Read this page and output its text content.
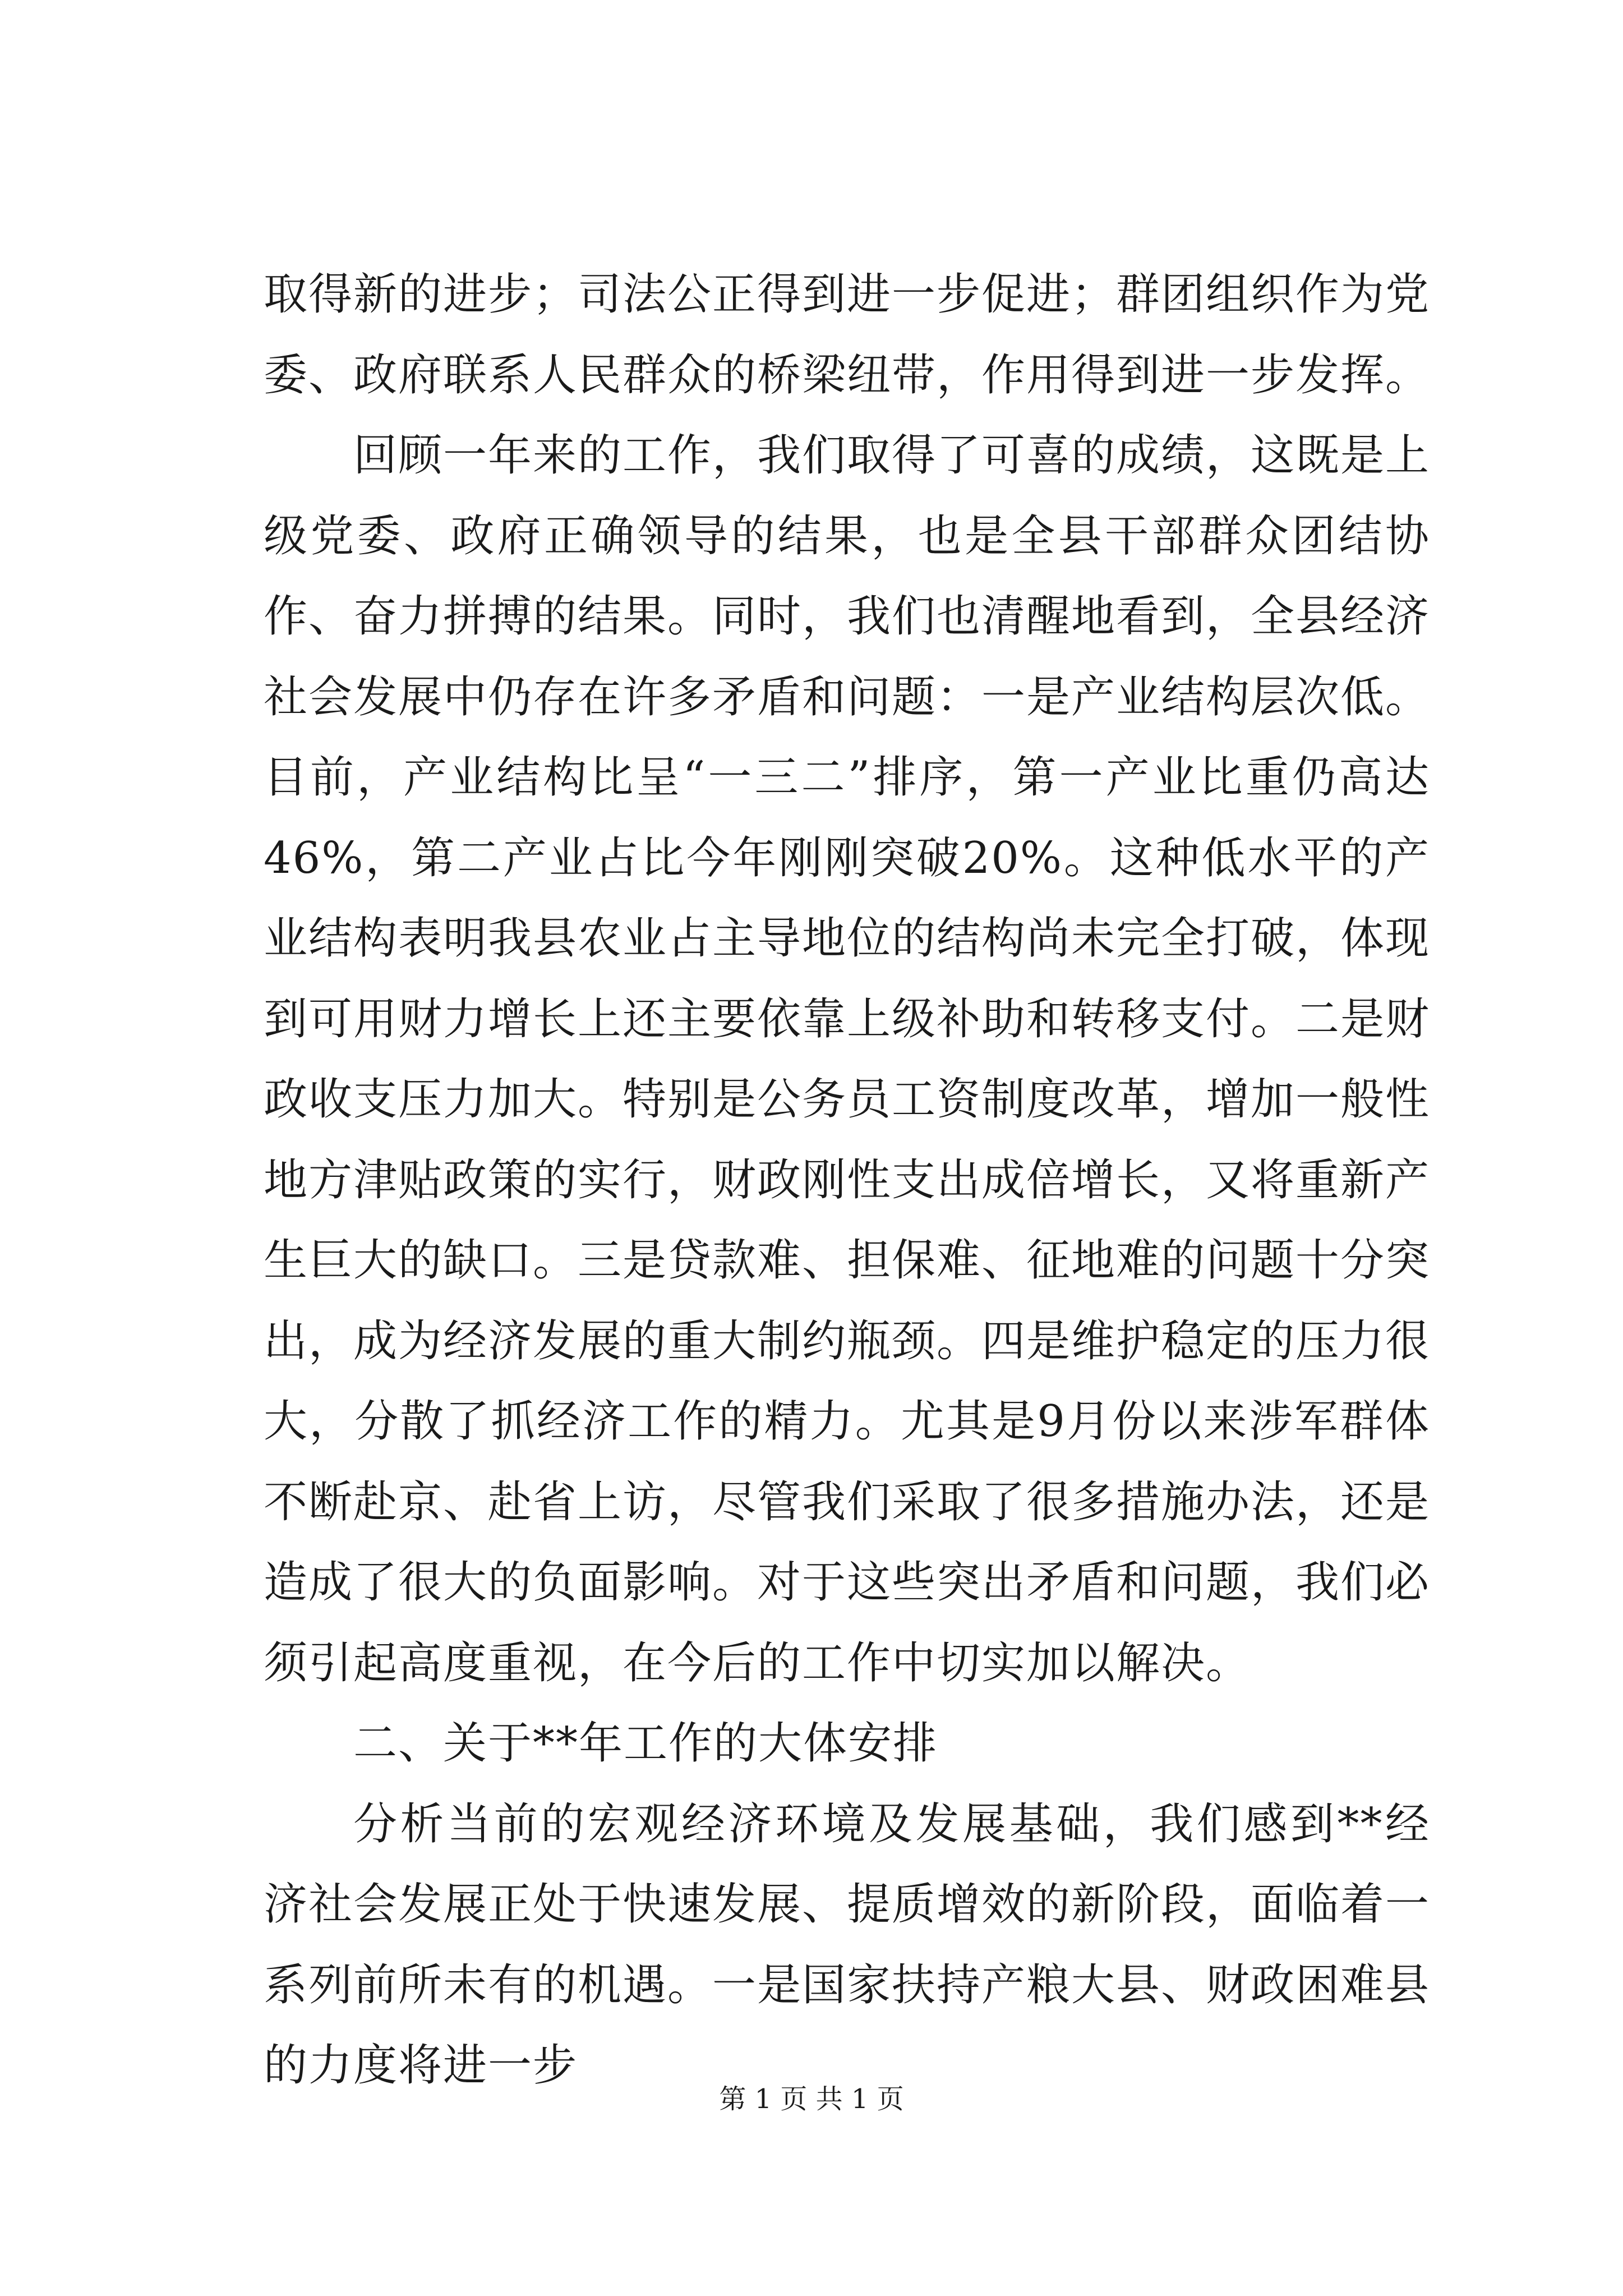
取得新的进步；司法公正得到进一步促进；群团组织作为党委、政府联系人民群众的桥梁纽带，作用得到进一步发挥。

回顾一年来的工作，我们取得了可喜的成绩，这既是上级党委、政府正确领导的结果，也是全县干部群众团结协作、奋力拼搏的结果。同时，我们也清醒地看到，全县经济社会发展中仍存在许多矛盾和问题：一是产业结构层次低。目前，产业结构比呈“一三二”排序，第一产业比重仍高达46%，第二产业占比今年刚刚突破20%。这种低水平的产业结构表明我县农业占主导地位的结构尚未完全打破，体现到可用财力增长上还主要依靠上级补助和转移支付。二是财政收支压力加大。特别是公务员工资制度改革，增加一般性地方津贴政策的实行，财政刚性支出成倍增长，又将重新产生巨大的缺口。三是贷款难、担保难、征地难的问题十分突出，成为经济发展的重大制约瓶颈。四是维护稳定的压力很大，分散了抓经济工作的精力。尤其是9月份以来涉军群体不断赴京、赴省上访，尽管我们采取了很多措施办法，还是造成了很大的负面影响。对于这些突出矛盾和问题，我们必须引起高度重视，在今后的工作中切实加以解决。

二、关于**年工作的大体安排

分析当前的宏观经济环境及发展基础，我们感到**经济社会发展正处于快速发展、提质增效的新阶段，面临着一系列前所未有的机遇。一是国家扶持产粮大县、财政困难县的力度将进一步

第 1 页 共 1 页
